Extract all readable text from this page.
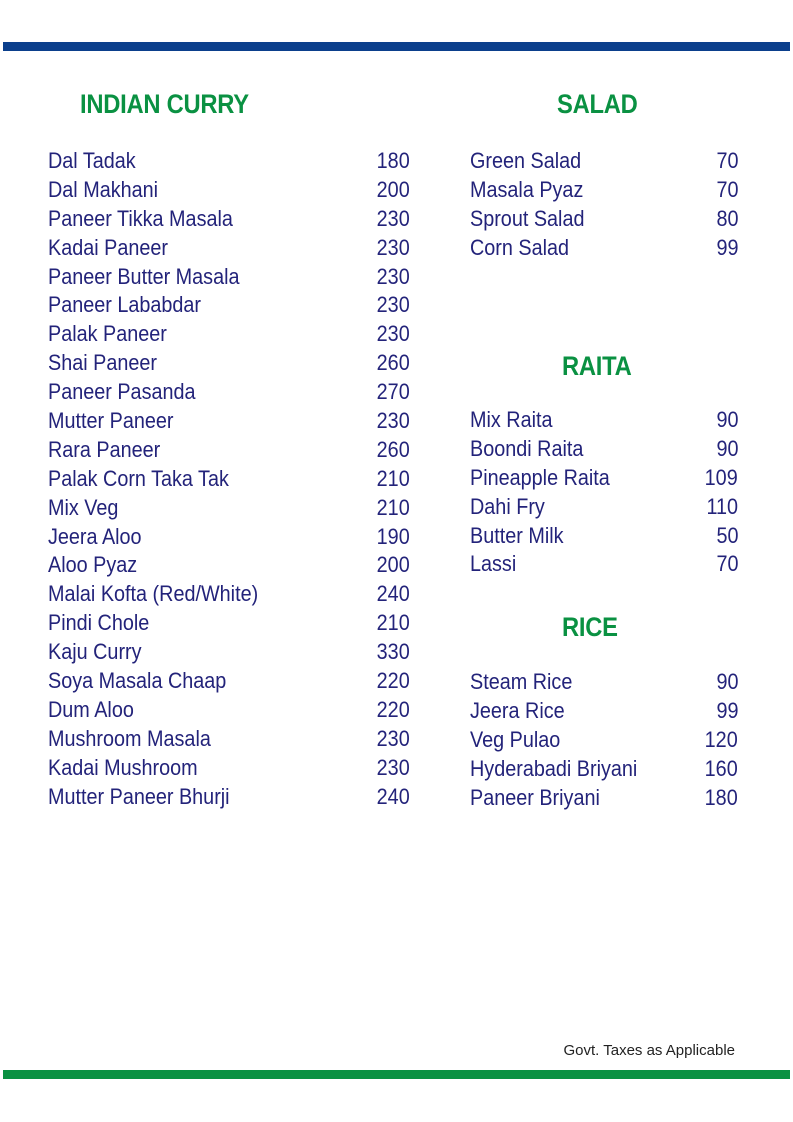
INDIAN CURRY
Dal Tadak	180
Dal Makhani	200
Paneer Tikka Masala	230
Kadai Paneer	230
Paneer Butter Masala	230
Paneer Lababdar	230
Palak Paneer	230
Shai Paneer	260
Paneer Pasanda	270
Mutter Paneer	230
Rara Paneer	260
Palak Corn Taka Tak	210
Mix Veg	210
Jeera Aloo	190
Aloo Pyaz	200
Malai Kofta (Red/White)	240
Pindi Chole	210
Kaju Curry	330
Soya Masala Chaap	220
Dum Aloo	220
Mushroom Masala	230
Kadai Mushroom	230
Mutter Paneer Bhurji	240
SALAD
Green Salad	70
Masala Pyaz	70
Sprout Salad	80
Corn Salad	99
RAITA
Mix Raita	90
Boondi Raita	90
Pineapple Raita	109
Dahi Fry	110
Butter Milk	50
Lassi	70
RICE
Steam Rice	90
Jeera Rice	99
Veg Pulao	120
Hyderabadi Briyani	160
Paneer Briyani	180
Govt. Taxes as Applicable
